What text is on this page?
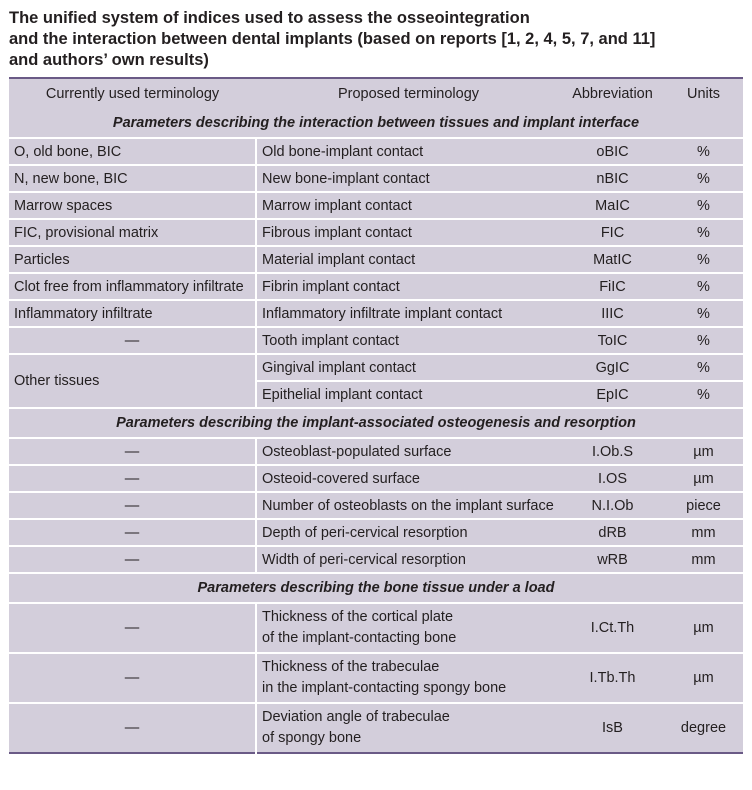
The unified system of indices used to assess the osseointegration
and the interaction between dental implants (based on reports [1, 2, 4, 5, 7, and 11]
and authors’ own results)
Currently used terminology	Proposed terminology	Abbreviation	Units
Parameters describing the interaction between tissues and implant interface			
O, old bone, BIC	Old bone-implant contact	oBIC	%
N, new bone, BIC	New bone-implant contact	nBIC	%
Marrow spaces	Marrow implant contact	MaIC	%
FIC, provisional matrix	Fibrous implant contact	FIC	%
Particles	Material implant contact	MatIC	%
Clot free from inflammatory infiltrate	Fibrin implant contact	FiIC	%
Inflammatory infiltrate	Inflammatory infiltrate implant contact	IIIC	%
—	Tooth implant contact	ToIC	%
Other tissues	Gingival implant contact	GgIC	%
	Epithelial implant contact	EpIC	%
Parameters describing the implant-associated osteogenesis and resorption			
—	Osteoblast-populated surface	I.Ob.S	µm
—	Osteoid-covered surface	I.OS	µm
—	Number of osteoblasts on the implant surface	N.I.Ob	piece
—	Depth of peri-cervical resorption	dRB	mm
—	Width of peri-cervical resorption	wRB	mm
Parameters describing the bone tissue under a load			
—	Thickness of the cortical plate
of the implant-contacting bone	I.Ct.Th	µm
—	Thickness of the trabeculae
in the implant-contacting spongy bone	I.Tb.Th	µm
—	Deviation angle of trabeculae
of spongy bone	IsB	degree
